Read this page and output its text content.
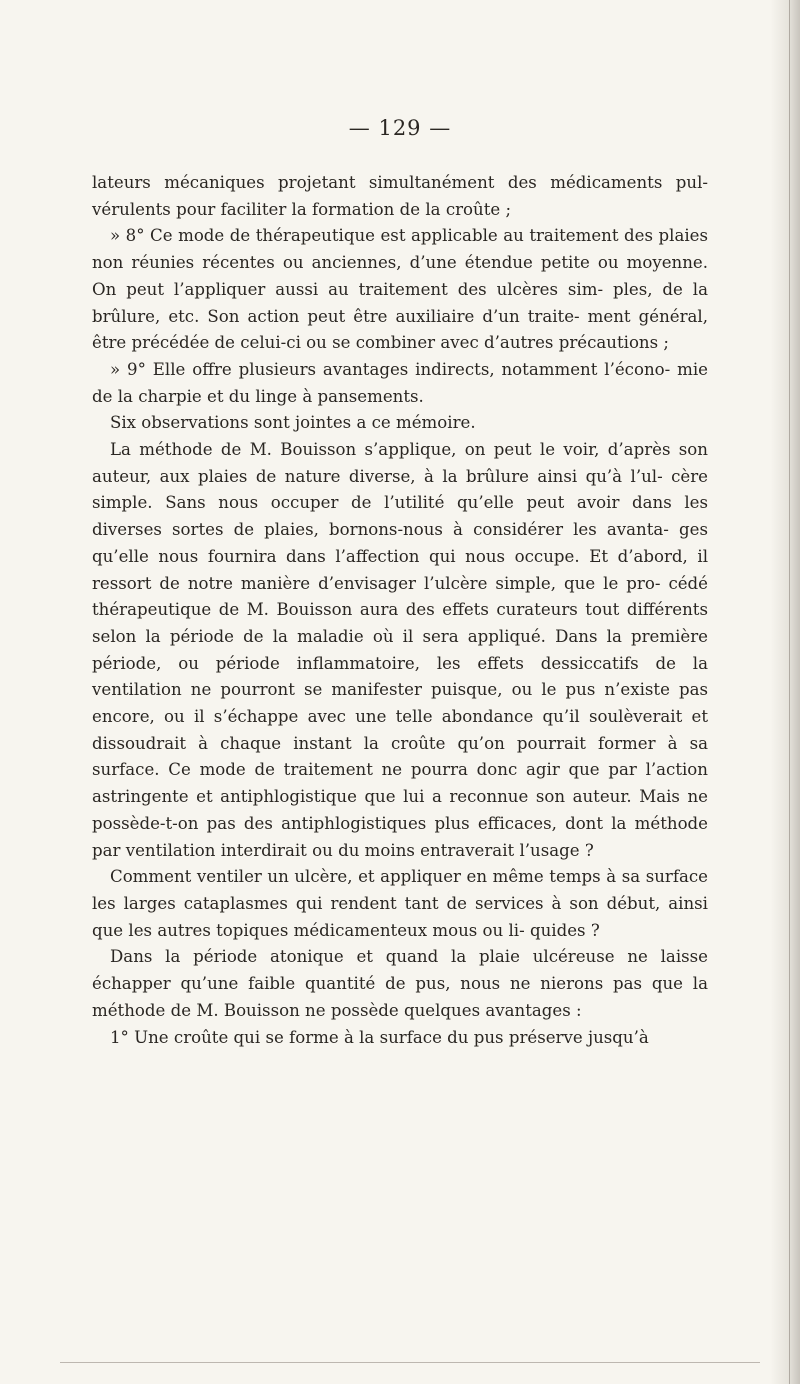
— 129 —

lateurs mécaniques projetant simultanément des médicaments pul- vérulents pour faciliter la formation de la croûte ;

» 8° Ce mode de thérapeutique est applicable au traitement des plaies non réunies récentes ou anciennes, d’une étendue petite ou moyenne. On peut l’appliquer aussi au traitement des ulcères sim- ples, de la brûlure, etc. Son action peut être auxiliaire d’un traite- ment général, être précédée de celui-ci ou se combiner avec d’autres précautions ;

» 9° Elle offre plusieurs avantages indirects, notamment l’écono- mie de la charpie et du linge à pansements.

Six observations sont jointes a ce mémoire.

La méthode de M. Bouisson s’applique, on peut le voir, d’après son auteur, aux plaies de nature diverse, à la brûlure ainsi qu’à l’ul- cère simple. Sans nous occuper de l’utilité qu’elle peut avoir dans les diverses sortes de plaies, bornons-nous à considérer les avanta- ges qu’elle nous fournira dans l’affection qui nous occupe. Et d’abord, il ressort de notre manière d’envisager l’ulcère simple, que le pro- cédé thérapeutique de M. Bouisson aura des effets curateurs tout différents selon la période de la maladie où il sera appliqué. Dans la première période, ou période inflammatoire, les effets dessiccatifs de la ventilation ne pourront se manifester puisque, ou le pus n’existe pas encore, ou il s’échappe avec une telle abondance qu’il soulèverait et dissoudrait à chaque instant la croûte qu’on pourrait former à sa surface. Ce mode de traitement ne pourra donc agir que par l’action astringente et antiphlogistique que lui a reconnue son auteur. Mais ne possède-t-on pas des antiphlogistiques plus efficaces, dont la méthode par ventilation interdirait ou du moins entraverait l’usage ?

Comment ventiler un ulcère, et appliquer en même temps à sa surface les larges cataplasmes qui rendent tant de services à son début, ainsi que les autres topiques médicamenteux mous ou li- quides ?

Dans la période atonique et quand la plaie ulcéreuse ne laisse échapper qu’une faible quantité de pus, nous ne nierons pas que la méthode de M. Bouisson ne possède quelques avantages :

1° Une croûte qui se forme à la surface du pus préserve jusqu’à
